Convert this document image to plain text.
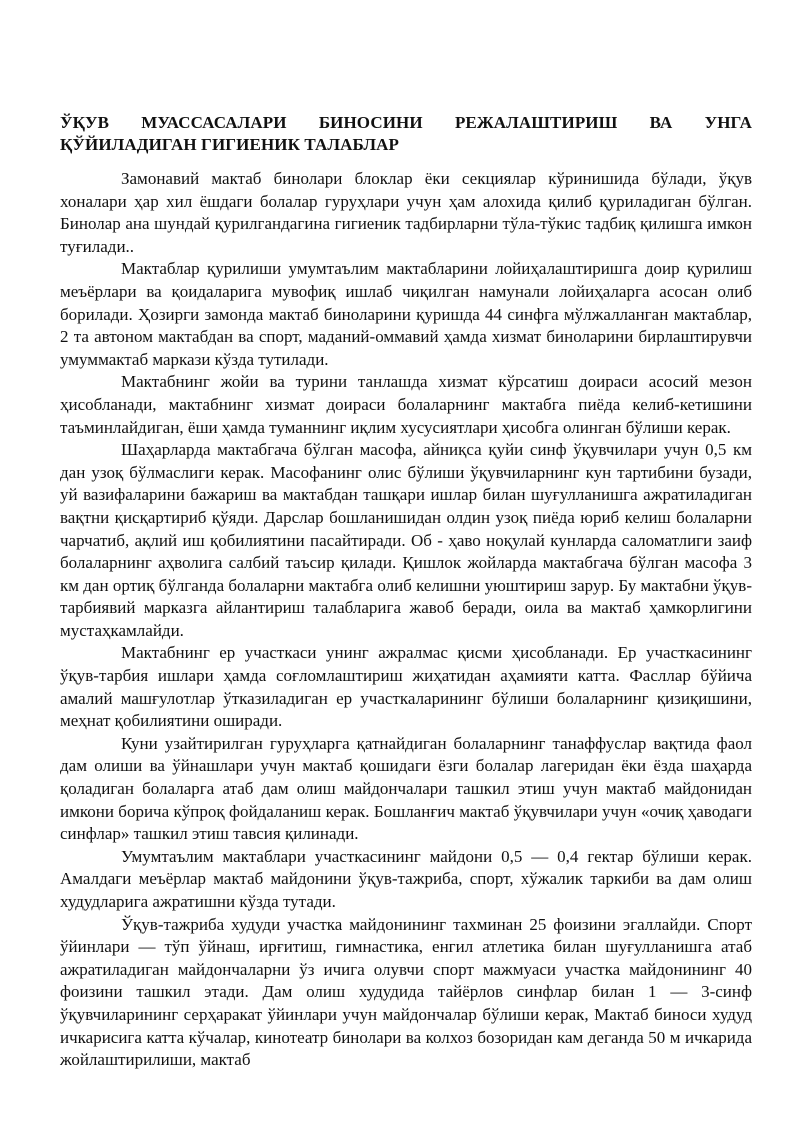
ЎҚУВ МУАССАСАЛАРИ БИНОСИНИ РЕЖАЛАШТИРИШ ВА УНГА ҚЎЙИЛАДИГАН ГИГИЕНИК ТАЛАБЛАР

Замонавий мактаб бинолари блоклар ёки секциялар кўринишида бўлади, ўқув хоналари ҳар хил ёшдаги болалар гуруҳлари учун ҳам алохида қилиб қуриладиган бўлган. Бинолар ана шундай қурилгандагина гигиеник тадбирларни тўла-тўкис тадбиқ қилишга имкон туғилади..

Мактаблар қурилиши умумтаълим мактабларини лойиҳалаштиришга доир қурилиш меъёрлари ва қоидаларига мувофиқ ишлаб чиқилган намунали лойиҳаларга асосан олиб борилади. Ҳозирги замонда мактаб биноларини қуришда 44 синфга мўлжалланган мактаблар, 2 та автоном мактабдан ва спорт, маданий-оммавий ҳамда хизмат биноларини бирлаштирувчи умуммактаб маркази кўзда тутилади.

Мактабнинг жойи ва турини танлашда хизмат кўрсатиш доираси асосий мезон ҳисобланади, мактабнинг хизмат доираси болаларнинг мактабга пиёда келиб-кетишини таъминлайдиган, ёши ҳамда туманнинг иқлим хусусиятлари ҳисобга олинган бўлиши керак.

Шаҳарларда мактабгача бўлган масофа, айниқса қуйи синф ўқувчилари учун 0,5 км дан узоқ бўлмаслиги керак. Масофанинг олис бўлиши ўқувчиларнинг кун тартибини бузади, уй вазифаларини бажариш ва мактабдан ташқари ишлар билан шуғулланишга ажратиладиган вақтни қисқартириб қўяди. Дарслар бошланишидан олдин узоқ пиёда юриб келиш болаларни чарчатиб, ақлий иш қобилиятини пасайтиради. Об - ҳаво ноқулай кунларда саломатлиги заиф болаларнинг аҳволига салбий таъсир қилади. Қишлок жойларда мактабгача бўлган масофа 3 км дан ортиқ бўлганда болаларни мактабга олиб келишни уюштириш зарур. Бу мактабни ўқув-тарбиявий марказга айлантириш талабларига жавоб беради, оила ва мактаб ҳамкорлигини мустаҳкамлайди.

Мактабнинг ер участкаси унинг ажралмас қисми ҳисобланади. Ер участкасининг ўқув-тарбия ишлари ҳамда соғломлаштириш жиҳатидан аҳамияти катта. Фасллар бўйича амалий машғулотлар ўтказиладиган ер участкаларининг бўлиши болаларнинг қизиқишини, меҳнат қобилиятини оширади.

Куни узайтирилган гуруҳларга қатнайдиган болаларнинг танаффуслар вақтида фаол дам олиши ва ўйнашлари учун мактаб қошидаги ёзги болалар лагеридан ёки ёзда шаҳарда қоладиган болаларга атаб дам олиш майдончалари ташкил этиш учун мактаб майдонидан имкони борича кўпроқ фойдаланиш керак. Бошланғич мактаб ўқувчилари учун «очиқ ҳаводаги синфлар» ташкил этиш тавсия қилинади.

Умумтаълим мактаблари участкасининг майдони 0,5 — 0,4 гектар бўлиши керак. Амалдаги меъёрлар мактаб майдонини ўқув-тажриба, спорт, хўжалик таркиби ва дам олиш худудларига ажратишни кўзда тутади.

Ўқув-тажриба худуди участка майдонининг тахминан 25 фоизини эгаллайди. Спорт ўйинлари — тўп ўйнаш, ирғитиш, гимнастика, енгил атлетика билан шуғулланишга атаб ажратиладиган майдончаларни ўз ичига олувчи спорт мажмуаси участка майдонининг 40 фоизини ташкил этади. Дам олиш худудида тайёрлов синфлар билан 1 — 3-синф ўқувчиларининг серҳаракат ўйинлари учун майдончалар бўлиши керак, Мактаб биноси худуд ичкарисига катта кўчалар, кинотеатр бинолари ва колхоз бозоридан кам деганда 50 м ичкарида жойлаштирилиши, мактаб
